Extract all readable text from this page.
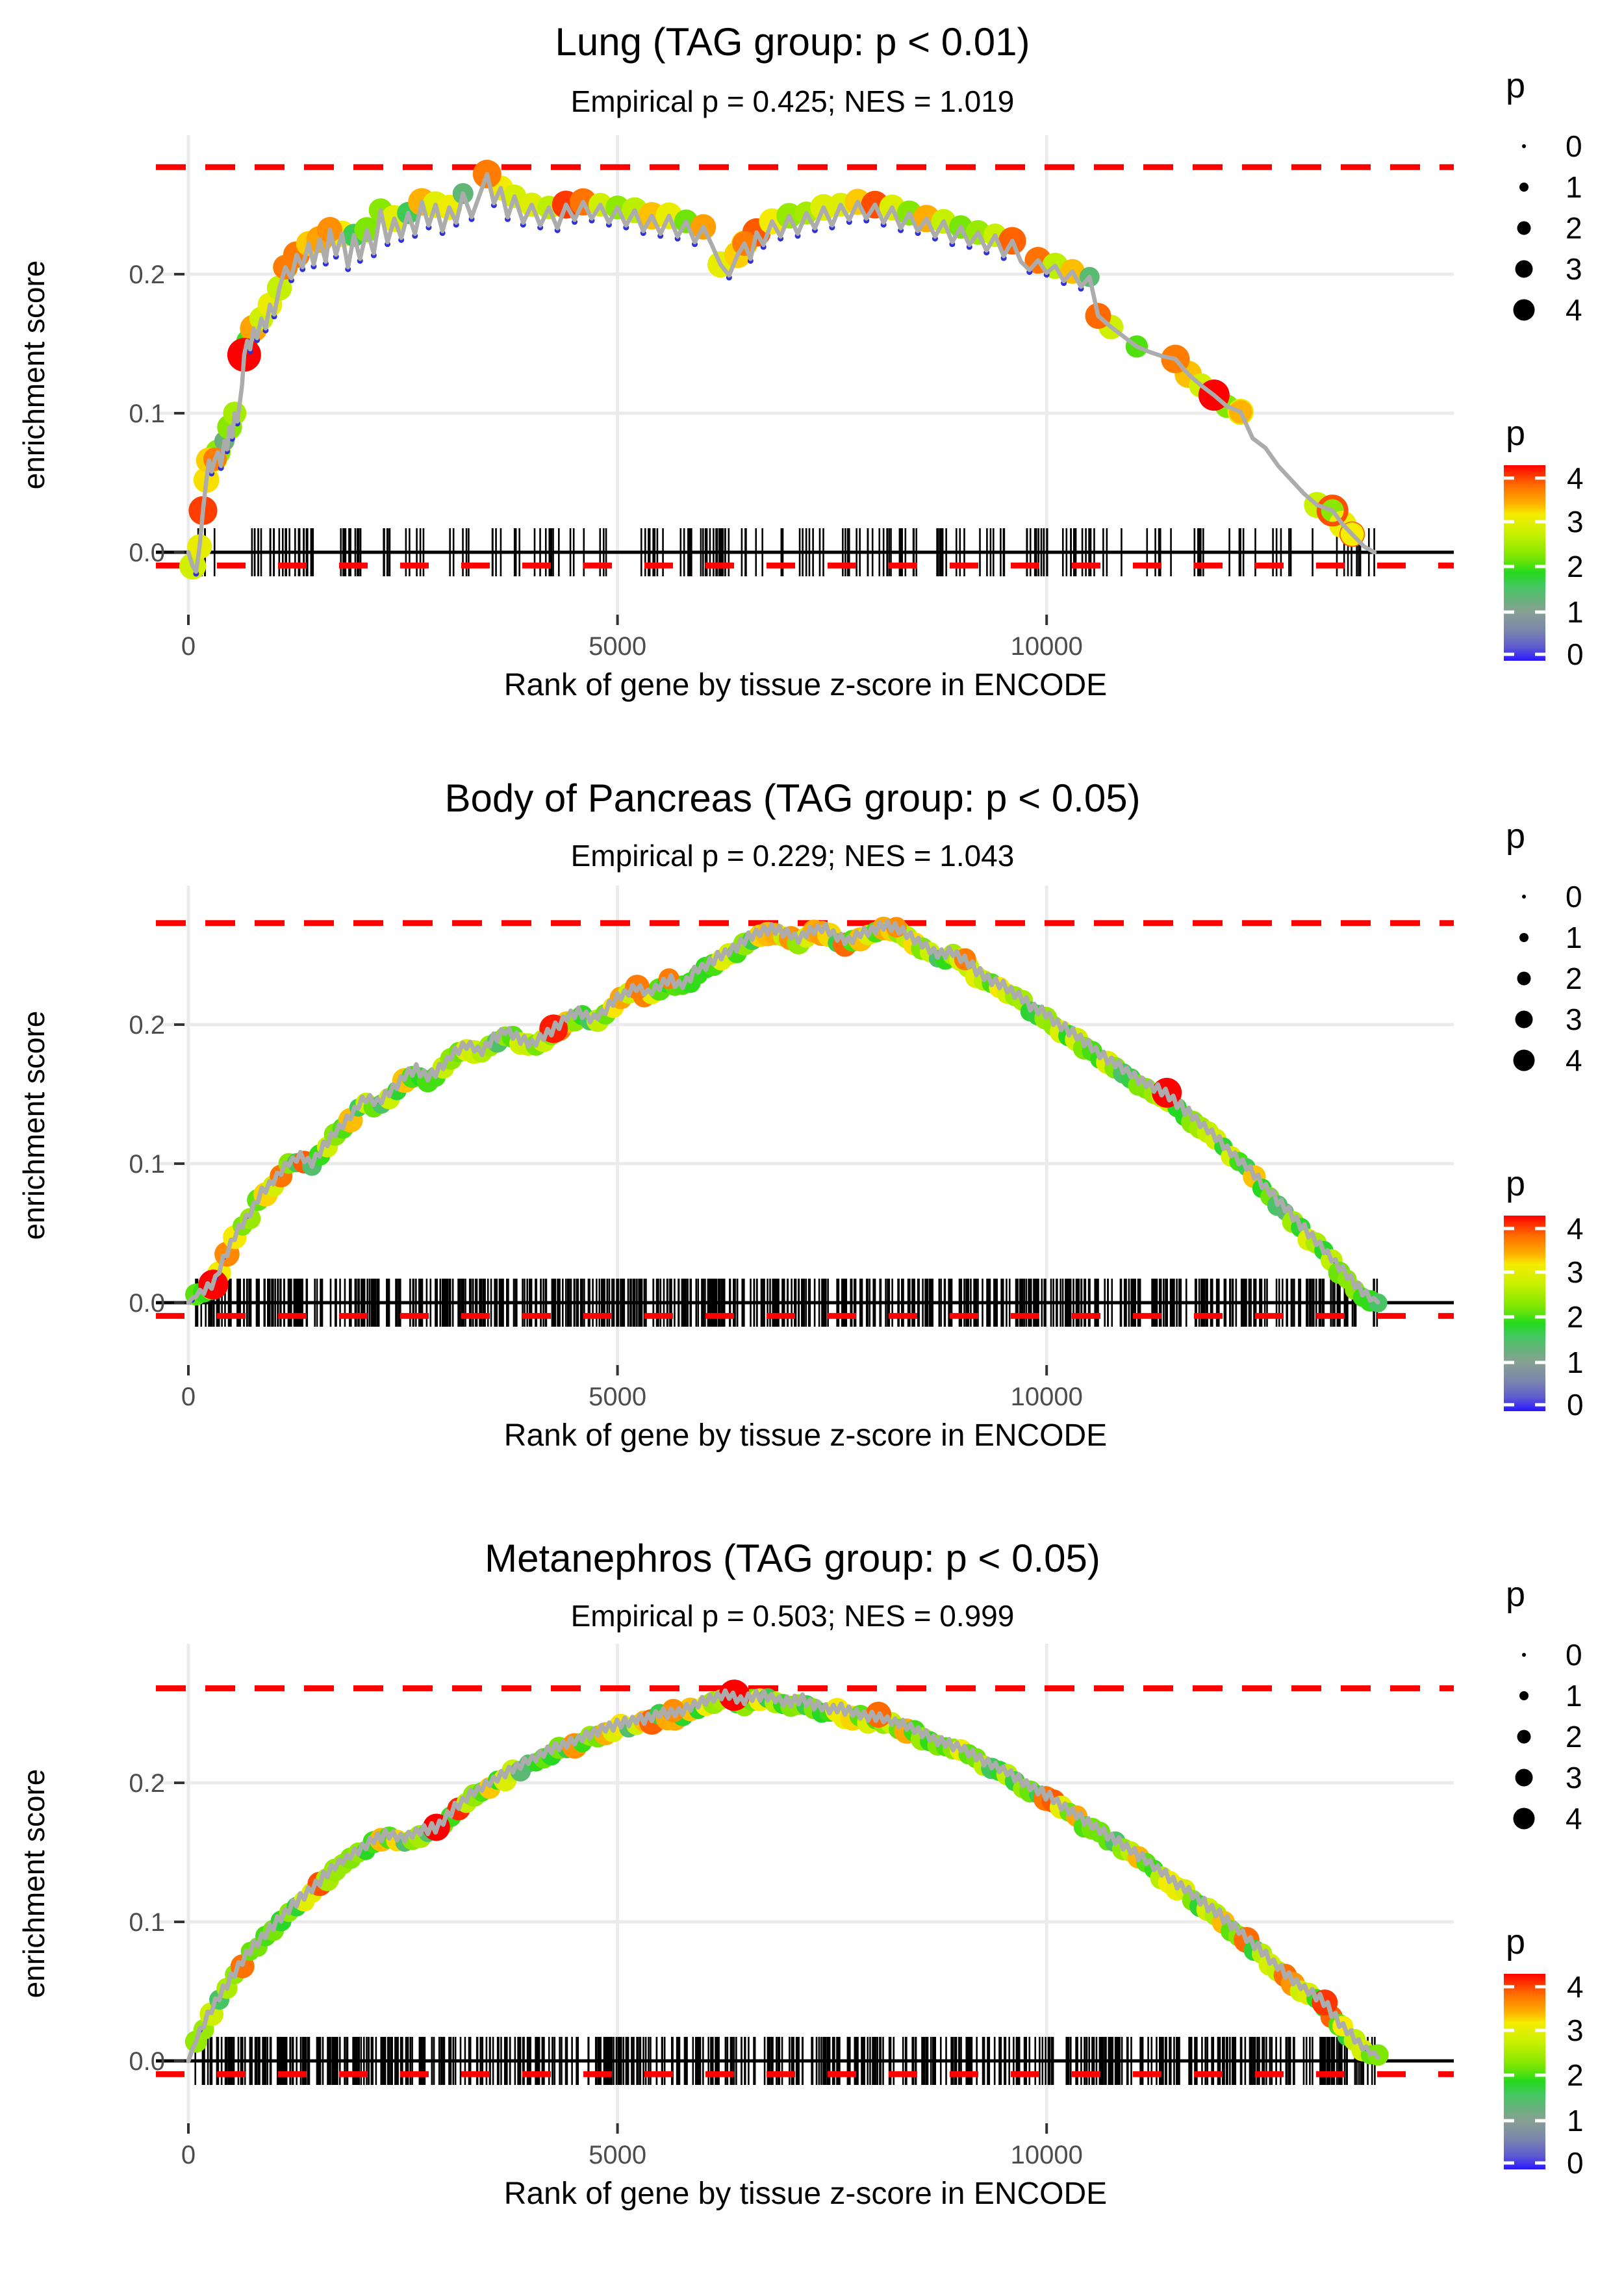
0	5000	10000
0.0
0.1
0.2
p
0
1
2
3
4
p
4
3
2
1
0
0	5000	10000
0.0
0.1
0.2
p
0
1
2
3
4
p
4
3
2
1
0
0	5000	10000
0.0
0.1
0.2
p
0
1
2
3
4
p
4
3
2
1
0
Lung (TAG group: p < 0.01)
Empirical p = 0.425; NES = 1.019
enrichment score
Rank of gene by tissue z-score in ENCODE
Body of Pancreas (TAG group: p < 0.05)
Empirical p = 0.229; NES = 1.043
enrichment score
Rank of gene by tissue z-score in ENCODE
Metanephros (TAG group: p < 0.05)
Empirical p = 0.503; NES = 0.999
enrichment score
Rank of gene by tissue z-score in ENCODE
